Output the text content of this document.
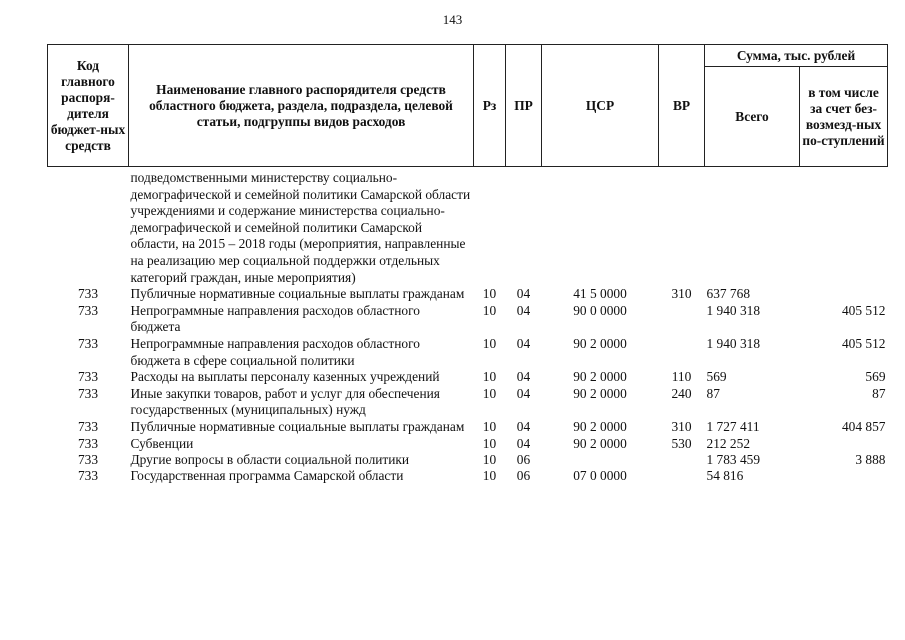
143
Код главного распоря-дителя бюджет-ных средств	Наименование главного распорядителя средств областного бюджета, раздела, подраздела, целевой статьи, подгруппы видов расходов	Рз	ПР	ЦСР	ВР	Сумма, тыс. рублей	
						Всего	в том числе за счет без-возмезд-ных по-ступлений
	подведомственными министерству социально-демографической и семейной политики Самарской области учреждениями и содержание министерства социально-демографической и семейной политики Самарской области, на 2015 – 2018 годы (мероприятия, направленные на реализацию мер социальной поддержки отдельных категорий граждан, иные мероприятия)						
733	Публичные нормативные социальные выплаты гражданам	10	04	41 5 0000	310	637 768	
733	Непрограммные направления расходов областного бюджета	10	04	90 0 0000		1 940 318	405 512
733	Непрограммные направления расходов областного бюджета в сфере социальной политики	10	04	90 2 0000		1 940 318	405 512
733	Расходы на выплаты персоналу казенных учреждений	10	04	90 2 0000	110	569	569
733	Иные закупки товаров, работ и услуг для обеспечения государственных (муниципальных) нужд	10	04	90 2 0000	240	87	87
733	Публичные нормативные социальные выплаты гражданам	10	04	90 2 0000	310	1 727 411	404 857
733	Субвенции	10	04	90 2 0000	530	212 252	
733	Другие вопросы в области социальной политики	10	06			1 783 459	3 888
733	Государственная программа Самарской области	10	06	07 0 0000		54 816	
